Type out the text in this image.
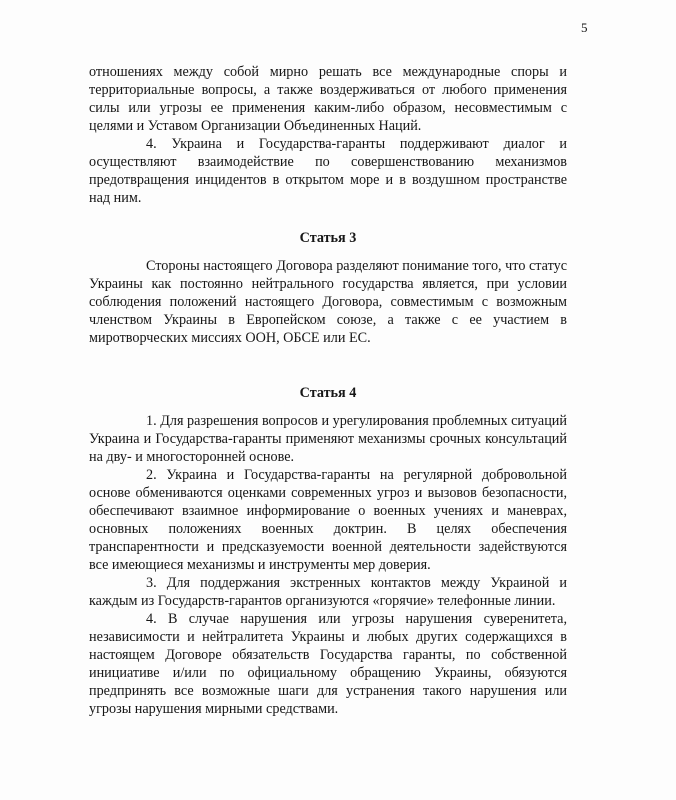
5

отношениях между собой мирно решать все международные споры и территориальные вопросы, а также воздерживаться от любого применения силы или угрозы ее применения каким-либо образом, несовместимым с целями и Уставом Организации Объединенных Наций.

4. Украина и Государства-гаранты поддерживают диалог и осуществляют взаимодействие по совершенствованию механизмов предотвращения инцидентов в открытом море и в воздушном пространстве над ним.

Статья 3

Стороны настоящего Договора разделяют понимание того, что статус Украины как постоянно нейтрального государства является, при условии соблюдения положений настоящего Договора, совместимым с возможным членством Украины в Европейском союзе, а также с ее участием в миротворческих миссиях ООН, ОБСЕ или ЕС.

Статья 4

1. Для разрешения вопросов и урегулирования проблемных ситуаций Украина и Государства-гаранты применяют механизмы срочных консультаций на дву- и многосторонней основе.

2. Украина и Государства-гаранты на регулярной добровольной основе обмениваются оценками современных угроз и вызовов безопасности, обеспечивают взаимное информирование о военных учениях и маневрах, основных положениях военных доктрин. В целях обеспечения транспарентности и предсказуемости военной деятельности задействуются все имеющиеся механизмы и инструменты мер доверия.

3. Для поддержания экстренных контактов между Украиной и каждым из Государств-гарантов организуются «горячие» телефонные линии.

4. В случае нарушения или угрозы нарушения суверенитета, независимости и нейтралитета Украины и любых других содержащихся в настоящем Договоре обязательств Государства гаранты, по собственной инициативе и/или по официальному обращению Украины, обязуются предпринять все возможные шаги для устранения такого нарушения или угрозы нарушения мирными средствами.
